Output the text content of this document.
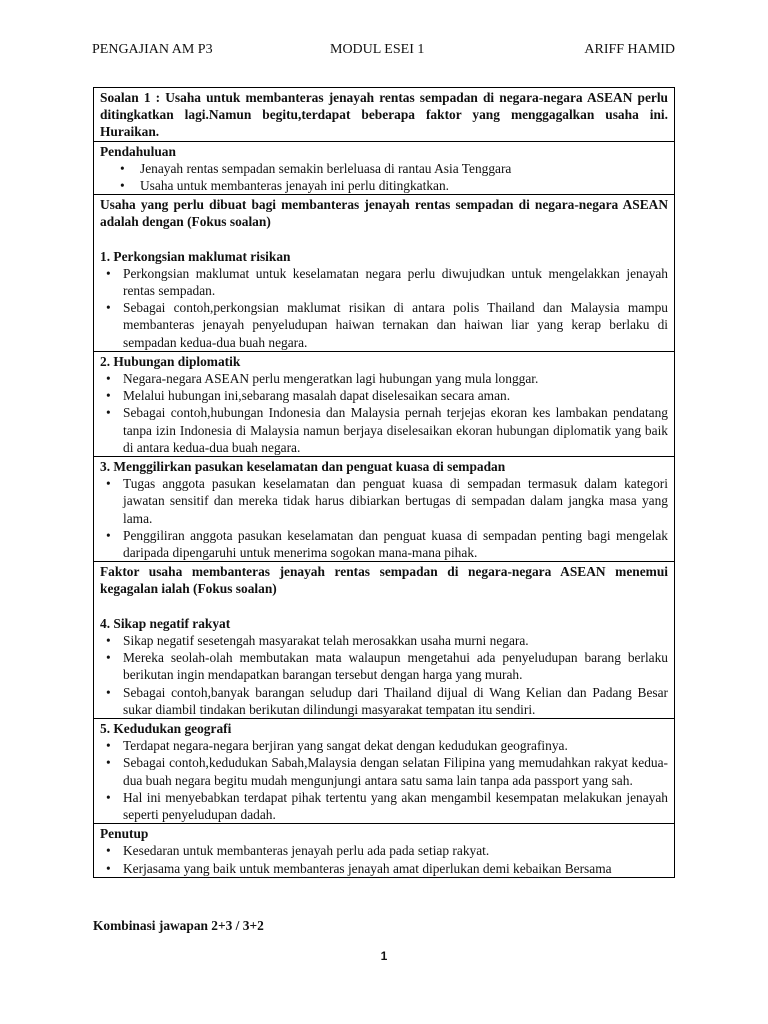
PENGAJIAN AM P3	MODUL ESEI 1	ARIFF HAMID

Soalan 1 : Usaha untuk membanteras jenayah rentas sempadan di negara-negara ASEAN perlu ditingkatkan lagi.Namun begitu,terdapat beberapa faktor yang menggagalkan usaha ini. Huraikan.

Pendahuluan

• Jenayah rentas sempadan semakin berleluasa di rantau Asia Tenggara
• Usaha untuk membanteras jenayah ini perlu ditingkatkan.

Usaha yang perlu dibuat bagi membanteras jenayah rentas sempadan di negara-negara ASEAN adalah dengan (Fokus soalan)

1. Perkongsian maklumat risikan

• Perkongsian maklumat untuk keselamatan negara perlu diwujudkan untuk mengelakkan jenayah rentas sempadan.
• Sebagai contoh,perkongsian maklumat risikan di antara polis Thailand dan Malaysia mampu membanteras jenayah penyeludupan haiwan ternakan dan haiwan liar yang kerap berlaku di sempadan kedua-dua buah negara.

2. Hubungan diplomatik

• Negara-negara ASEAN perlu mengeratkan lagi hubungan yang mula longgar.
• Melalui hubungan ini,sebarang masalah dapat diselesaikan secara aman.
• Sebagai contoh,hubungan Indonesia dan Malaysia pernah terjejas ekoran kes lambakan pendatang tanpa izin Indonesia di Malaysia namun berjaya diselesaikan ekoran hubungan diplomatik yang baik di antara kedua-dua buah negara.

3. Menggilirkan pasukan keselamatan dan penguat kuasa di sempadan

• Tugas anggota pasukan keselamatan dan penguat kuasa di sempadan termasuk dalam kategori jawatan sensitif dan mereka tidak harus dibiarkan bertugas di sempadan dalam jangka masa yang lama.
• Penggiliran anggota pasukan keselamatan dan penguat kuasa di sempadan penting bagi mengelak daripada dipengaruhi untuk menerima sogokan mana-mana pihak.

Faktor usaha membanteras jenayah rentas sempadan di negara-negara ASEAN menemui kegagalan ialah (Fokus soalan)

4. Sikap negatif rakyat

• Sikap negatif sesetengah masyarakat telah merosakkan usaha murni negara.
• Mereka seolah-olah membutakan mata walaupun mengetahui ada penyeludupan barang berlaku berikutan ingin mendapatkan barangan tersebut dengan harga yang murah.
• Sebagai contoh,banyak barangan seludup dari Thailand dijual di Wang Kelian dan Padang Besar sukar diambil tindakan berikutan dilindungi masyarakat tempatan itu sendiri.

5. Kedudukan geografi

• Terdapat negara-negara berjiran yang sangat dekat dengan kedudukan geografinya.
• Sebagai contoh,kedudukan Sabah,Malaysia dengan selatan Filipina yang memudahkan rakyat kedua-dua buah negara begitu mudah mengunjungi antara satu sama lain tanpa ada passport yang sah.
• Hal ini menyebabkan terdapat pihak tertentu yang akan mengambil kesempatan melakukan jenayah seperti penyeludupan dadah.

Penutup

• Kesedaran untuk membanteras jenayah perlu ada pada setiap rakyat.
• Kerjasama yang baik untuk membanteras jenayah amat diperlukan demi kebaikan Bersama
Kombinasi jawapan 2+3 / 3+2
1
